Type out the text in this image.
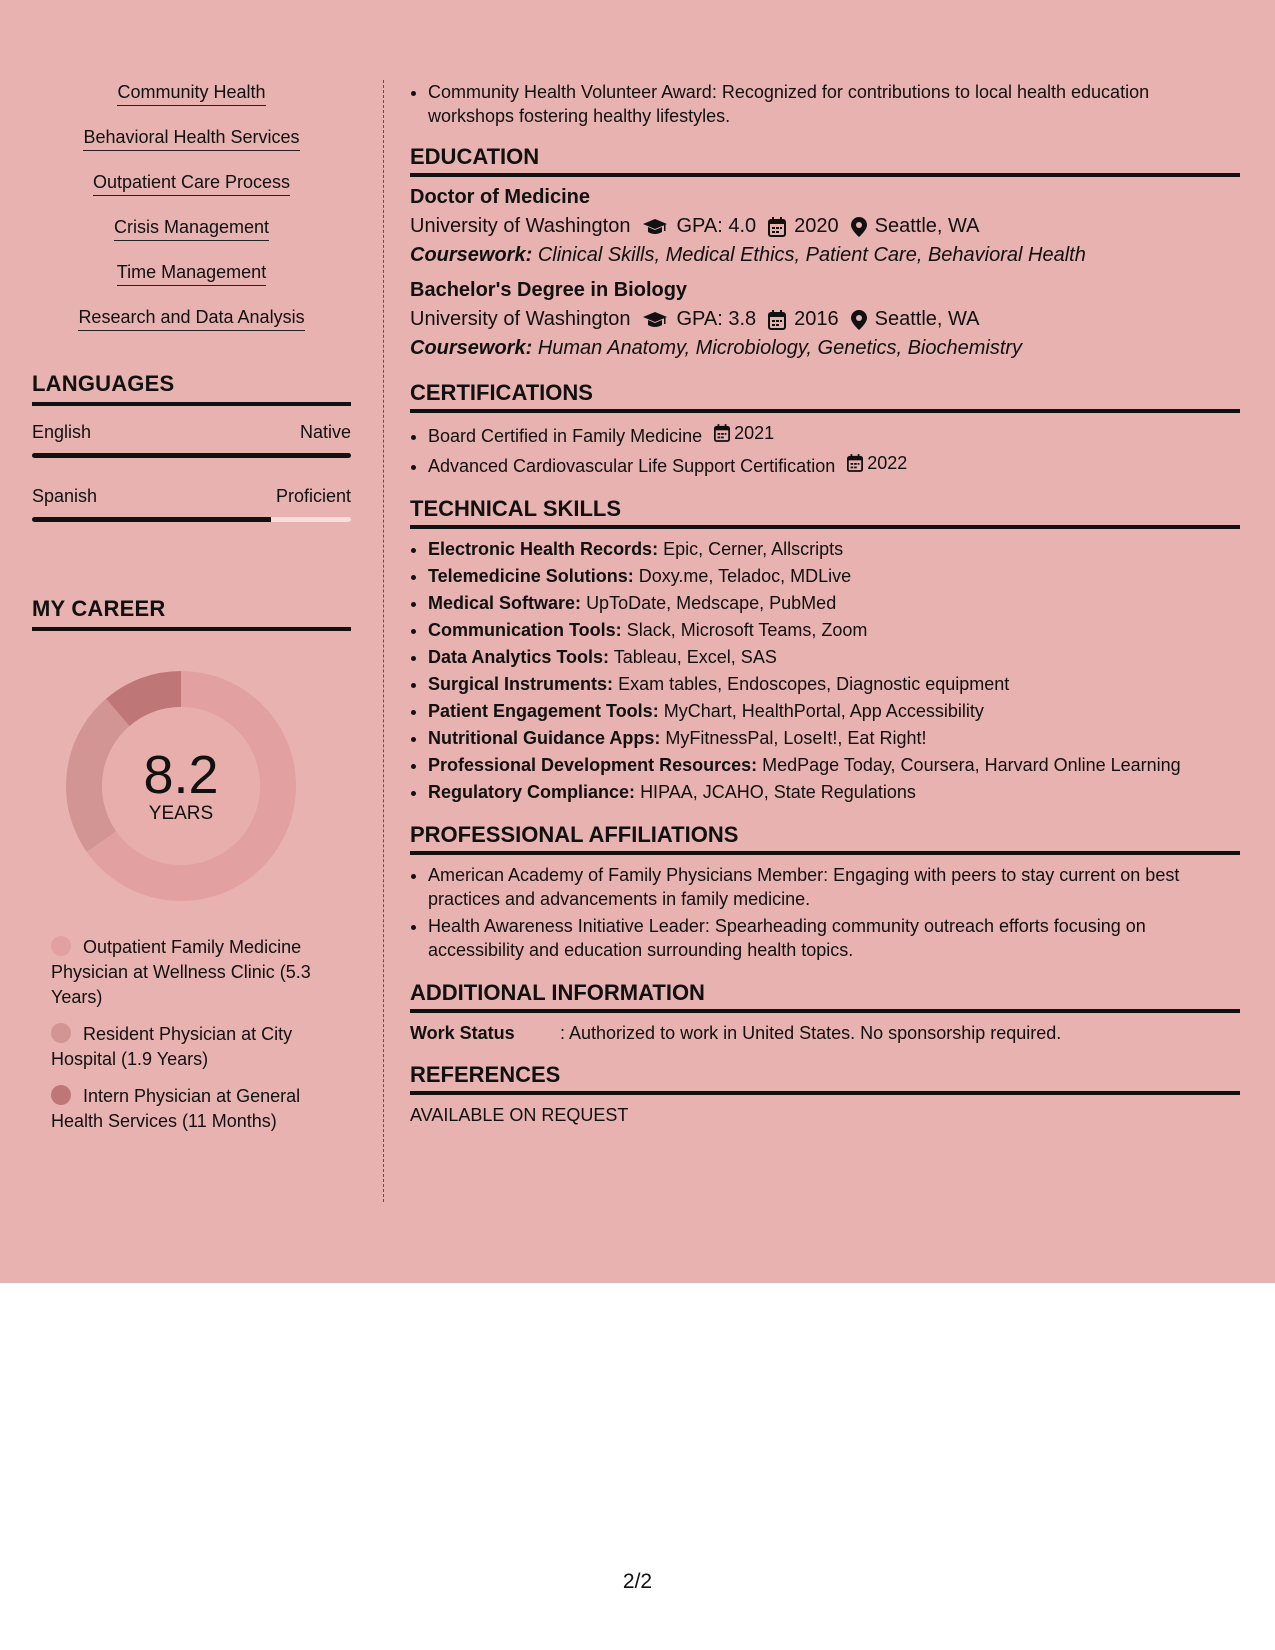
Community Health
Behavioral Health Services
Outpatient Care Process
Crisis Management
Time Management
Research and Data Analysis
LANGUAGES
English	Native
Spanish	Proficient
MY CAREER
8.2
YEARS
Outpatient Family Medicine Physician at Wellness Clinic (5.3 Years)
Resident Physician at City Hospital (1.9 Years)
Intern Physician at General Health Services (11 Months)
• Community Health Volunteer Award: Recognized for contributions to local health education workshops fostering healthy lifestyles.
EDUCATION
Doctor of Medicine
University of Washington GPA: 4.0 2020 Seattle, WA
Coursework: Clinical Skills, Medical Ethics, Patient Care, Behavioral Health
Bachelor's Degree in Biology
University of Washington GPA: 3.8 2016 Seattle, WA
Coursework: Human Anatomy, Microbiology, Genetics, Biochemistry
CERTIFICATIONS
• Board Certified in Family Medicine 2021
• Advanced Cardiovascular Life Support Certification 2022
TECHNICAL SKILLS
• Electronic Health Records: Epic, Cerner, Allscripts
• Telemedicine Solutions: Doxy.me, Teladoc, MDLive
• Medical Software: UpToDate, Medscape, PubMed
• Communication Tools: Slack, Microsoft Teams, Zoom
• Data Analytics Tools: Tableau, Excel, SAS
• Surgical Instruments: Exam tables, Endoscopes, Diagnostic equipment
• Patient Engagement Tools: MyChart, HealthPortal, App Accessibility
• Nutritional Guidance Apps: MyFitnessPal, LoseIt!, Eat Right!
• Professional Development Resources: MedPage Today, Coursera, Harvard Online Learning
• Regulatory Compliance: HIPAA, JCAHO, State Regulations
PROFESSIONAL AFFILIATIONS
• American Academy of Family Physicians Member: Engaging with peers to stay current on best practices and advancements in family medicine.
• Health Awareness Initiative Leader: Spearheading community outreach efforts focusing on accessibility and education surrounding health topics.
ADDITIONAL INFORMATION
Work Status	: Authorized to work in United States. No sponsorship required.
REFERENCES
AVAILABLE ON REQUEST
2/2
